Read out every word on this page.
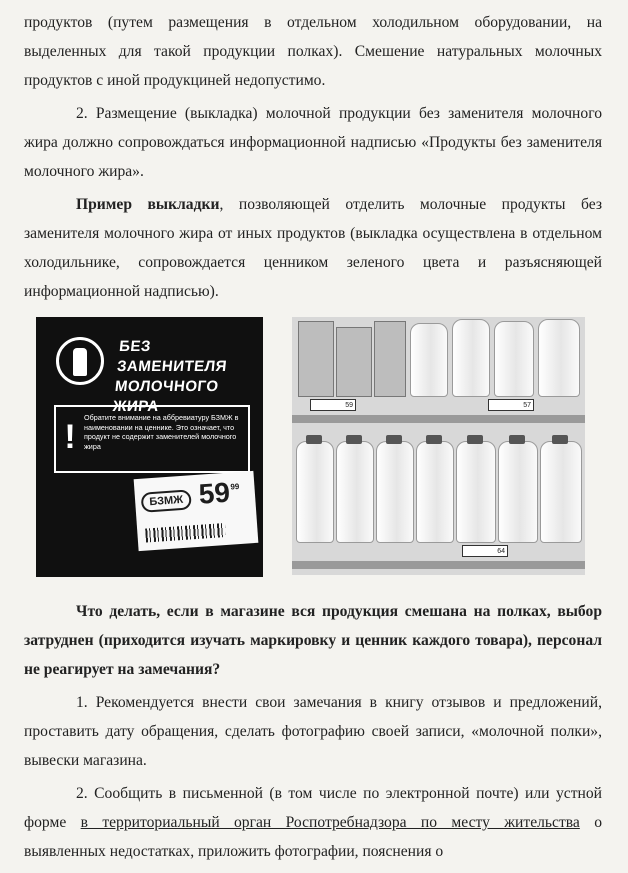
продуктов (путем размещения в отдельном холодильном оборудовании, на выделенных для такой продукции полках). Смешение натуральных молочных продуктов с иной продукциней недопустимо.

2. Размещение (выкладка) молочной продукции без заменителя молочного жира должно сопровождаться информационной надписью «Продукты без заменителя молочного жира».

Пример выкладки, позволяющей отделить молочные продукты без заменителя молочного жира от иных продуктов (выкладка осуществлена в отдельном холодильнике, сопровождается ценником зеленого цвета и разъясняющей информационной надписью).

БЕЗ ЗАМЕНИТЕЛЯ МОЛОЧНОГО ЖИРА
!
Обратите внимание на аббревиатуру БЗМЖ в наименовании на ценнике. Это означает, что продукт не содержит заменителей молочного жира
БЗМЖ 59 99
59	57
64

Что делать, если в магазине вся продукция смешана на полках, выбор затруднен (приходится изучать маркировку и ценник каждого товара), персонал не реагирует на замечания?

1. Рекомендуется внести свои замечания в книгу отзывов и предложений, проставить дату обращения, сделать фотографию своей записи, «молочной полки», вывески магазина.

2. Сообщить в письменной (в том числе по электронной почте) или устной форме в территориальный орган Роспотребнадзора по месту жительства о выявленных недостатках, приложить фотографии, пояснения о
